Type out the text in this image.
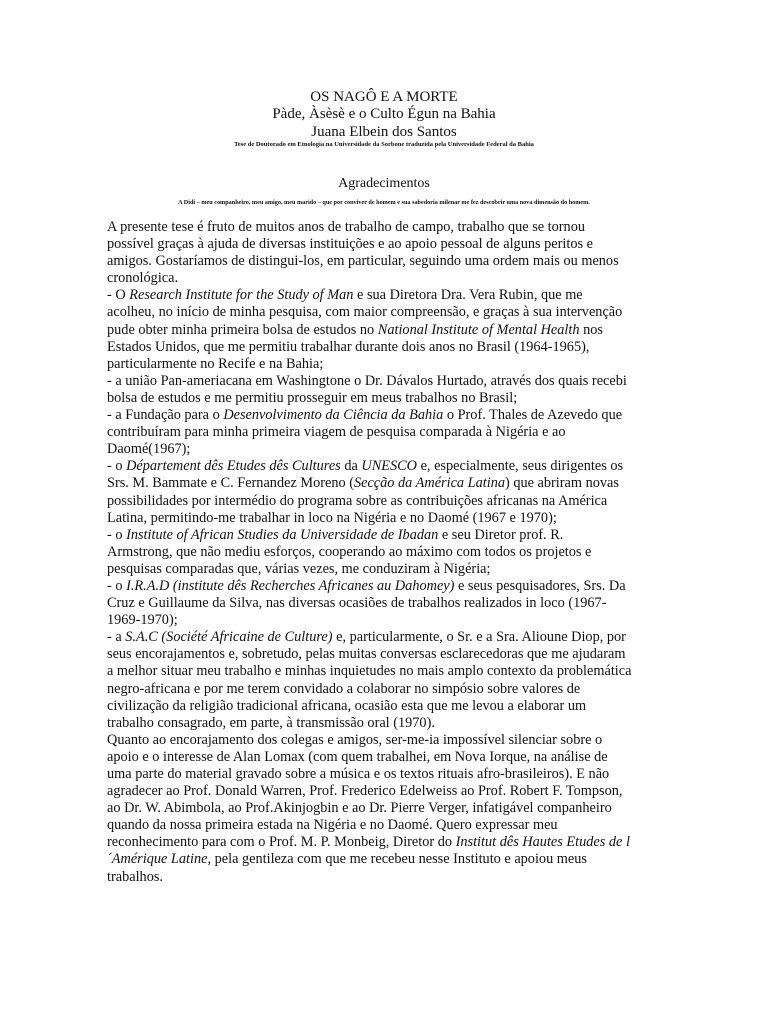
OS NAGÔ E A MORTE
Pàde, Àsèsè e o Culto Égun na Bahia
Juana Elbein dos Santos
Tese de Doutorado em Etnologia na Universidade da Sorbone traduzida pela Universidade Federal da Bahia
Agradecimentos
A Didi – meu companheiro, meu amigo, meu marido – que por conviver de homem e sua sabedoria milenar me fez descobrir uma nova dimensão do homem.
A presente tese é fruto de muitos anos de trabalho de campo, trabalho que se tornou
possível graças à ajuda de diversas instituições e ao apoio pessoal de alguns peritos e
amigos. Gostaríamos de distingui-los, em particular, seguindo uma ordem mais ou menos
cronológica.
- O Research Institute for the Study of Man e sua Diretora Dra. Vera Rubin, que me
acolheu, no início de minha pesquisa, com maior compreensão, e graças à sua intervenção
pude obter minha primeira bolsa de estudos no National Institute of Mental Health nos
Estados Unidos, que me permitiu trabalhar durante dois anos no Brasil (1964-1965),
particularmente no Recife e na Bahia;
- a união Pan-ameriacana em Washingtone o Dr. Dávalos Hurtado, através dos quais recebi
bolsa de estudos e me permitiu prosseguir em meus trabalhos no Brasil;
- a Fundação para o Desenvolvimento da Ciência da Bahia o Prof. Thales de Azevedo que
contribuíram para minha primeira viagem de pesquisa comparada à Nigéria e ao
Daomé(1967);
- o Département dês Etudes dês Cultures da UNESCO e, especialmente, seus dirigentes os
Srs. M. Bammate e C. Fernandez Moreno (Secção da América Latina) que abriram novas
possibilidades por intermédio do programa sobre as contribuições africanas na América
Latina, permitindo-me trabalhar in loco na Nigéria e no Daomé (1967 e 1970);
- o Institute of African Studies da Universidade de Ibadan e seu Diretor prof. R.
Armstrong, que não mediu esforços, cooperando ao máximo com todos os projetos e
pesquisas comparadas que, várias vezes, me conduziram à Nigéria;
- o I.R.A.D (institute dês Recherches Africanes au Dahomey) e seus pesquisadores, Srs. Da
Cruz e Guillaume da Silva, nas diversas ocasiões de trabalhos realizados in loco (1967-
1969-1970);
- a S.A.C (Société Africaine de Culture) e, particularmente, o Sr. e a Sra. Alioune Diop, por
seus encorajamentos e, sobretudo, pelas muitas conversas esclarecedoras que me ajudaram
a melhor situar meu trabalho e minhas inquietudes no mais amplo contexto da problemática
negro-africana e por me terem convidado a colaborar no simpósio sobre valores de
civilização da religião tradicional africana, ocasião esta que me levou a elaborar um
trabalho consagrado, em parte, à transmissão oral (1970).
Quanto ao encorajamento dos colegas e amigos, ser-me-ia impossível silenciar sobre o
apoio e o interesse de Alan Lomax (com quem trabalhei, em Nova Iorque, na análise de
uma parte do material gravado sobre a música e os textos rituais afro-brasileiros). E não
agradecer ao Prof. Donald Warren, Prof. Frederico Edelweiss ao Prof. Robert F. Tompson,
ao Dr. W. Abimbola, ao Prof.Akinjogbin e ao Dr. Pierre Verger, infatigável companheiro
quando da nossa primeira estada na Nigéria e no Daomé. Quero expressar meu
reconhecimento para com o Prof. M. P. Monbeig, Diretor do Institut dês Hautes Etudes de l
´Amérique Latine, pela gentileza com que me recebeu nesse Instituto e apoiou meus
trabalhos.
